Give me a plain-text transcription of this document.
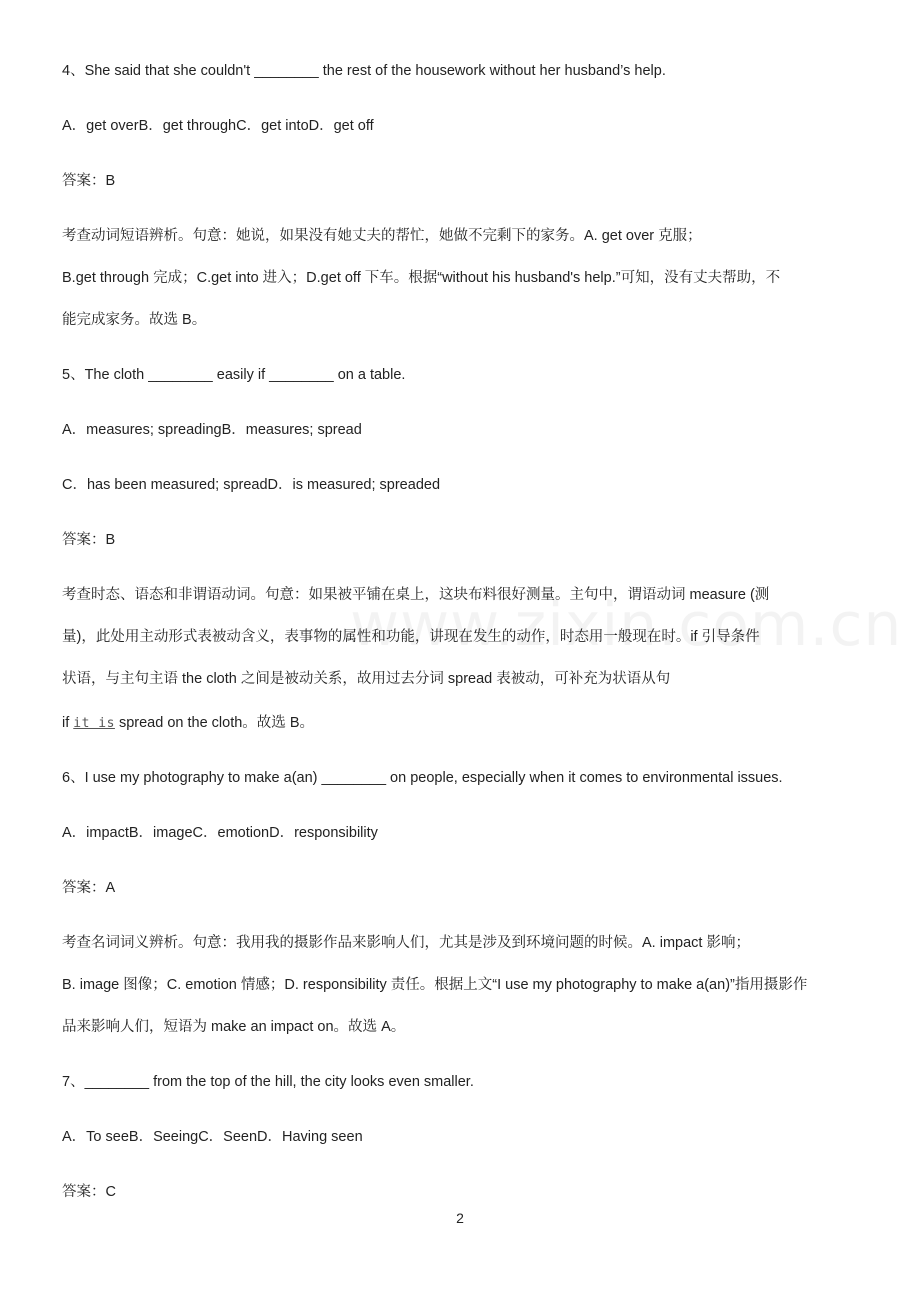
4、She said that she couldn't ________ the rest of the housework without her husband’s help.
A．get overB．get throughC．get intoD．get off
答案：B
考查动词短语辨析。句意：她说，如果没有她丈夫的帮忙，她做不完剩下的家务。A. get over 克服；
B.get through 完成；C.get into 进入；D.get off 下车。根据“without his husband's help.”可知，没有丈夫帮助，不
能完成家务。故选 B。
5、The cloth ________ easily if ________ on a table.
A．measures; spreadingB．measures; spread
C．has been measured; spreadD．is measured; spreaded
答案：B
考查时态、语态和非谓语动词。句意：如果被平铺在桌上，这块布料很好测量。主句中，谓语动词 measure (测
量)，此处用主动形式表被动含义，表事物的属性和功能，讲现在发生的动作，时态用一般现在时。if 引导条件
状语，与主句主语 the cloth 之间是被动关系，故用过去分词 spread 表被动，可补充为状语从句
if it is spread on the cloth。故选 B。
6、I use my photography to make a(an) ________ on people, especially when it comes to environmental issues.
A．impactB．imageC．emotionD．responsibility
答案：A
考查名词词义辨析。句意：我用我的摄影作品来影响人们，尤其是涉及到环境问题的时候。A. impact 影响；
B. image 图像；C. emotion 情感；D. responsibility 责任。根据上文“I use my photography to make a(an)”指用摄影作
品来影响人们，短语为 make an impact on。故选 A。
7、________ from the top of the hill, the city looks even smaller.
A．To seeB．SeeingC．SeenD．Having seen
答案：C
2
